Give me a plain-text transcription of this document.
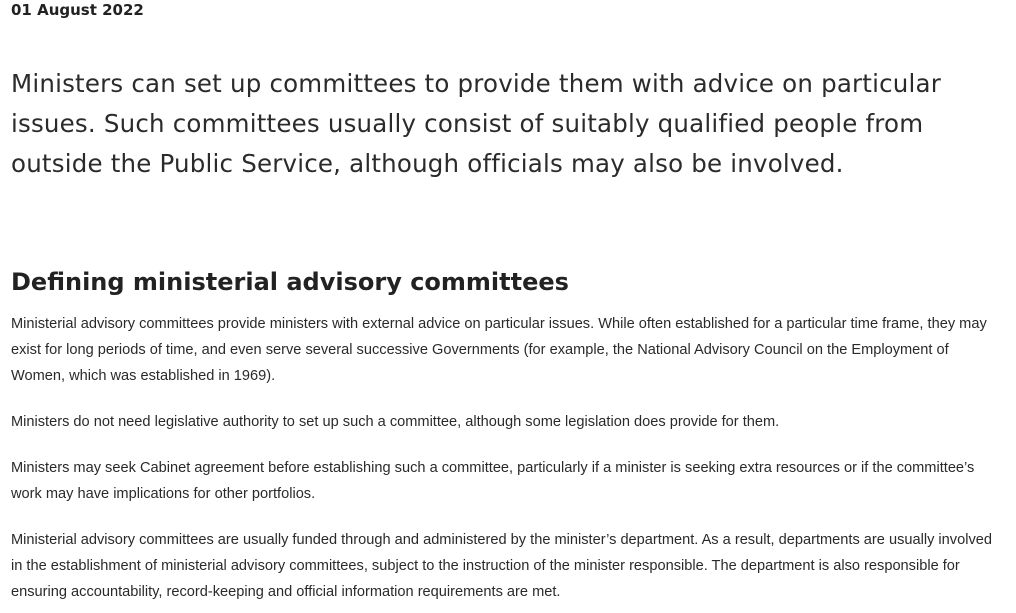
01 August 2022

Ministers can set up committees to provide them with advice on particular issues. Such committees usually consist of suitably qualified people from outside the Public Service, although officials may also be involved.

Defining ministerial advisory committees

Ministerial advisory committees provide ministers with external advice on particular issues. While often established for a particular time frame, they may exist for long periods of time, and even serve several successive Governments (for example, the National Advisory Council on the Employment of Women, which was established in 1969).

Ministers do not need legislative authority to set up such a committee, although some legislation does provide for them.

Ministers may seek Cabinet agreement before establishing such a committee, particularly if a minister is seeking extra resources or if the committee’s work may have implications for other portfolios.

Ministerial advisory committees are usually funded through and administered by the minister’s department. As a result, departments are usually involved in the establishment of ministerial advisory committees, subject to the instruction of the minister responsible. The department is also responsible for ensuring accountability, record-keeping and official information requirements are met.
